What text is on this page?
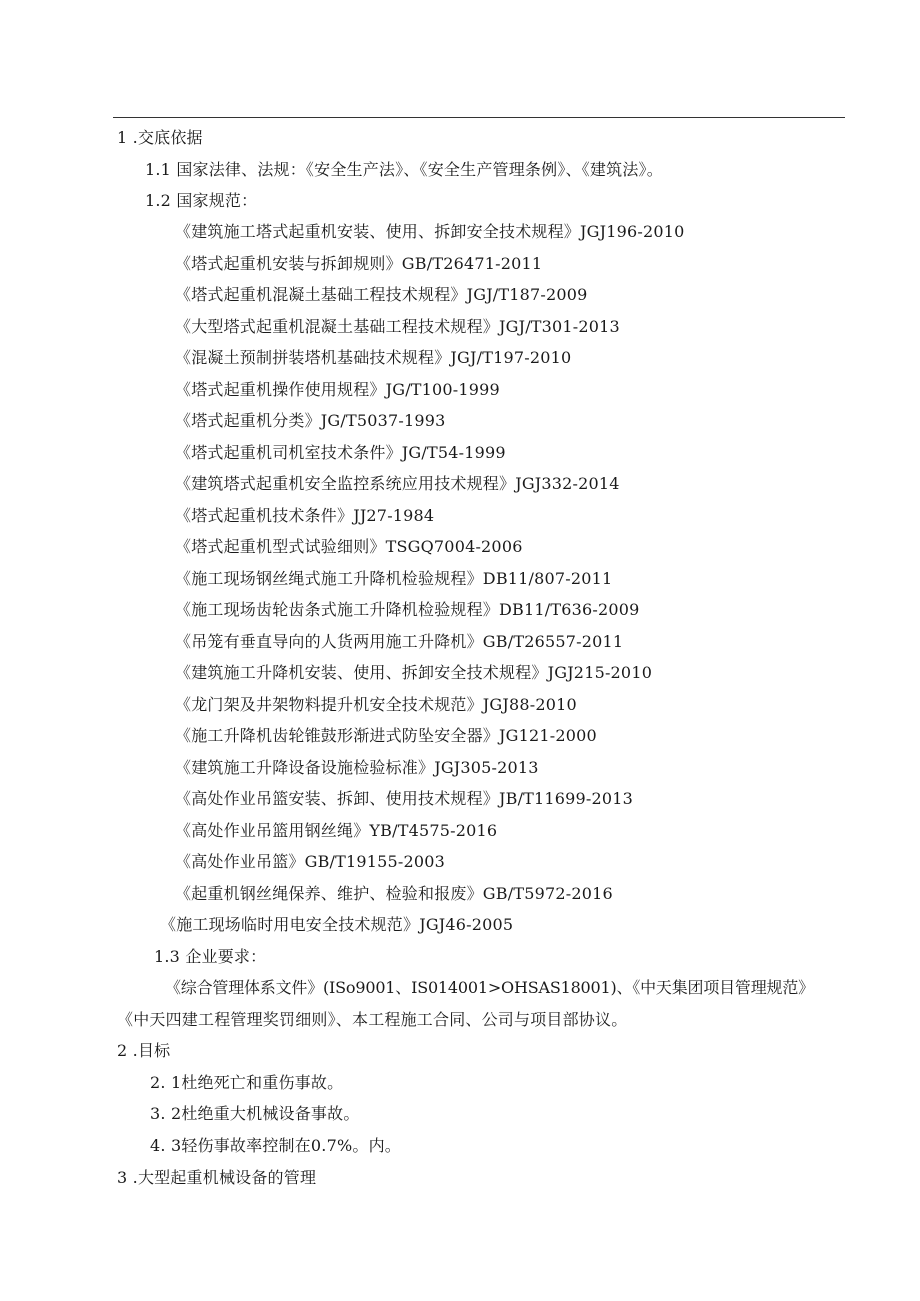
1 .交底依据
1.1 国家法律、法规：《安全生产法》、《安全生产管理条例》、《建筑法》。
1.2 国家规范：
《建筑施工塔式起重机安装、使用、拆卸安全技术规程》JGJ196-2010
《塔式起重机安装与拆卸规则》GB/T26471-2011
《塔式起重机混凝土基础工程技术规程》JGJ/T187-2009
《大型塔式起重机混凝土基础工程技术规程》JGJ/T301-2013
《混凝土预制拼装塔机基础技术规程》JGJ/T197-2010
《塔式起重机操作使用规程》JG/T100-1999
《塔式起重机分类》JG/T5037-1993
《塔式起重机司机室技术条件》JG/T54-1999
《建筑塔式起重机安全监控系统应用技术规程》JGJ332-2014
《塔式起重机技术条件》JJ27-1984
《塔式起重机型式试验细则》TSGQ7004-2006
《施工现场钢丝绳式施工升降机检验规程》DB11/807-2011
《施工现场齿轮齿条式施工升降机检验规程》DB11/T636-2009
《吊笼有垂直导向的人货两用施工升降机》GB/T26557-2011
《建筑施工升降机安装、使用、拆卸安全技术规程》JGJ215-2010
《龙门架及井架物料提升机安全技术规范》JGJ88-2010
《施工升降机齿轮锥鼓形渐进式防坠安全器》JG121-2000
《建筑施工升降设备设施检验标准》JGJ305-2013
《高处作业吊篮安装、拆卸、使用技术规程》JB/T11699-2013
《高处作业吊篮用钢丝绳》YB/T4575-2016
《高处作业吊篮》GB/T19155-2003
《起重机钢丝绳保养、维护、检验和报废》GB/T5972-2016
《施工现场临时用电安全技术规范》JGJ46-2005
1.3 企业要求：
《综合管理体系文件》(ISo9001、IS014001>OHSAS18001)、《中天集团项目管理规范》
《中天四建工程管理奖罚细则》、本工程施工合同、公司与项目部协议。
2 .目标
2. 1杜绝死亡和重伤事故。
3. 2杜绝重大机械设备事故。
4. 3轻伤事故率控制在0.7%。内。
3 .大型起重机械设备的管理
